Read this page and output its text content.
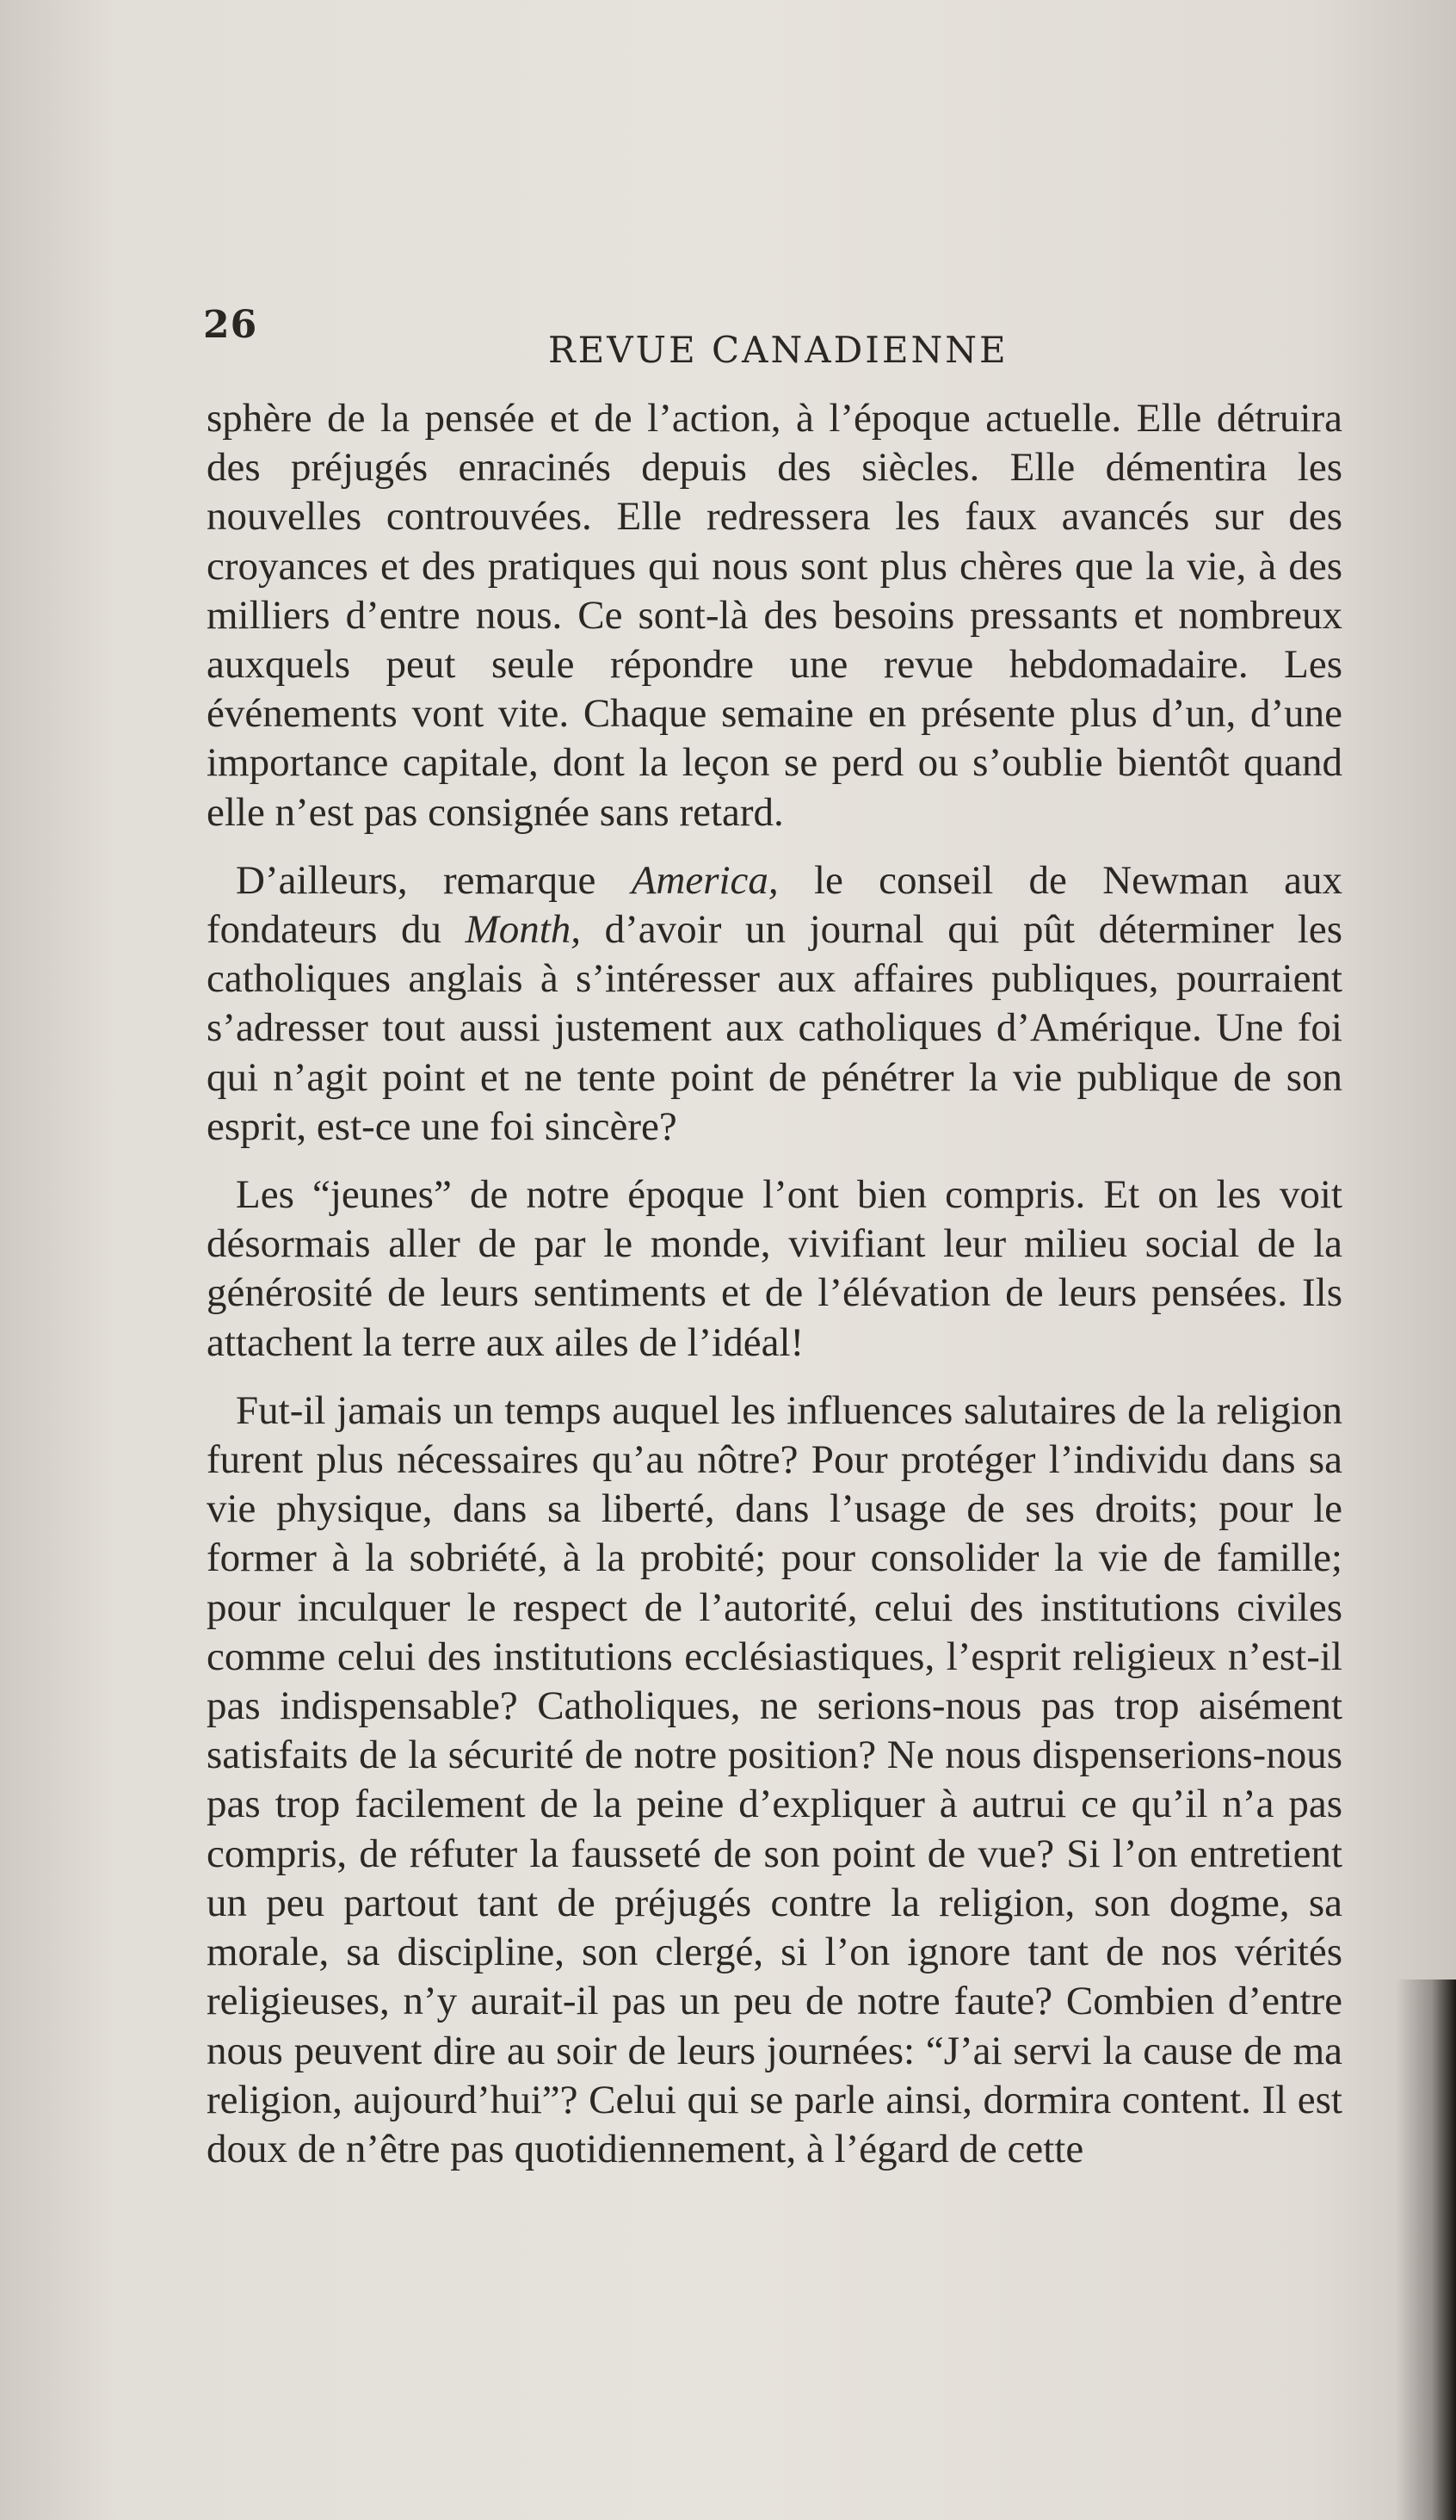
26
REVUE CANADIENNE

sphère de la pensée et de l’action, à l’époque actuelle. Elle détruira des préjugés enracinés depuis des siècles. Elle démentira les nouvelles controuvées. Elle redressera les faux avancés sur des croyances et des pratiques qui nous sont plus chères que la vie, à des milliers d’entre nous. Ce sont-là des besoins pressants et nombreux auxquels peut seule répondre une revue hebdomadaire. Les événements vont vite. Chaque semaine en présente plus d’un, d’une importance capitale, dont la leçon se perd ou s’oublie bientôt quand elle n’est pas consignée sans retard.

D’ailleurs, remarque America, le conseil de Newman aux fondateurs du Month, d’avoir un journal qui pût déterminer les catholiques anglais à s’intéresser aux affaires publiques, pourraient s’adresser tout aussi justement aux catholiques d’Amérique. Une foi qui n’agit point et ne tente point de pénétrer la vie publique de son esprit, est-ce une foi sincère?

Les “jeunes” de notre époque l’ont bien compris. Et on les voit désormais aller de par le monde, vivifiant leur milieu social de la générosité de leurs sentiments et de l’élévation de leurs pensées. Ils attachent la terre aux ailes de l’idéal!

Fut-il jamais un temps auquel les influences salutaires de la religion furent plus nécessaires qu’au nôtre? Pour protéger l’individu dans sa vie physique, dans sa liberté, dans l’usage de ses droits; pour le former à la sobriété, à la probité; pour consolider la vie de famille; pour inculquer le respect de l’autorité, celui des institutions civiles comme celui des institutions ecclésiastiques, l’esprit religieux n’est-il pas indispensable? Catholiques, ne serions-nous pas trop aisément satisfaits de la sécurité de notre position? Ne nous dispenserions-nous pas trop facilement de la peine d’expliquer à autrui ce qu’il n’a pas compris, de réfuter la fausseté de son point de vue? Si l’on entretient un peu partout tant de préjugés contre la religion, son dogme, sa morale, sa discipline, son clergé, si l’on ignore tant de nos vérités religieuses, n’y aurait-il pas un peu de notre faute? Combien d’entre nous peuvent dire au soir de leurs journées: “J’ai servi la cause de ma religion, aujourd’hui”? Celui qui se parle ainsi, dormira content. Il est doux de n’être pas quotidiennement, à l’égard de cette
